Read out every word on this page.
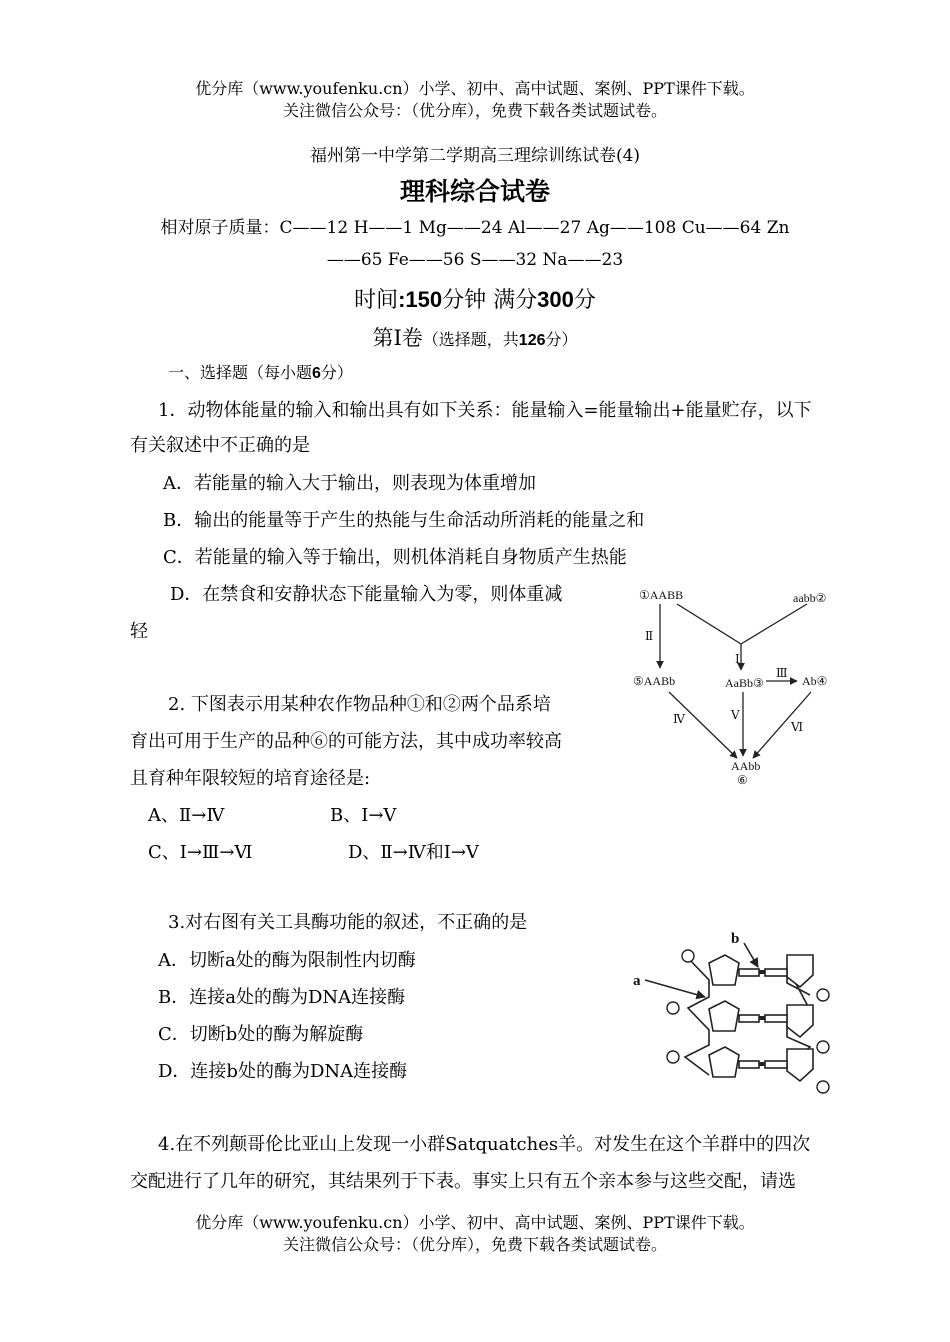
优分库（www.youfenku.cn）小学、初中、高中试题、案例、PPT课件下载。
关注微信公众号：（优分库），免费下载各类试题试卷。
福州第一中学第二学期高三理综训练试卷(4)
理科综合试卷
相对原子质量：C——12 H——1 Mg——24 Al——27 Ag——108 Cu——64 Zn
——65 Fe——56 S——32 Na——23
时间:150分钟 满分300分
第Ⅰ卷（选择题，共126分）
一、选择题（每小题6分）
1．动物体能量的输入和输出具有如下关系：能量输入=能量输出+能量贮存，以下
有关叙述中不正确的是
A．若能量的输入大于输出，则表现为体重增加
B．输出的能量等于产生的热能与生命活动所消耗的能量之和
C．若能量的输入等于输出，则机体消耗自身物质产生热能
D．在禁食和安静状态下能量输入为零，则体重减
轻
①AABB	aabb②
⑤AABb	AaBb③	Ab④
AAbb
⑥
Ⅱ
Ⅰ
Ⅲ
Ⅳ	Ⅴ
Ⅵ
2. 下图表示用某种农作物品种①和②两个品系培
育出可用于生产的品种⑥的可能方法，其中成功率较高
且育种年限较短的培育途径是:
A、Ⅱ→Ⅳ	B、Ⅰ→Ⅴ
C、Ⅰ→Ⅲ→Ⅵ	D、Ⅱ→Ⅳ和Ⅰ→Ⅴ
3.对右图有关工具酶功能的叙述，不正确的是
A．切断a处的酶为限制性内切酶
B．连接a处的酶为DNA连接酶
C．切断b处的酶为解旋酶
D．连接b处的酶为DNA连接酶
a
b
4.在不列颠哥伦比亚山上发现一小群Satquatches羊。对发生在这个羊群中的四次
交配进行了几年的研究，其结果列于下表。事实上只有五个亲本参与这些交配，请选
优分库（www.youfenku.cn）小学、初中、高中试题、案例、PPT课件下载。
关注微信公众号：（优分库），免费下载各类试题试卷。
